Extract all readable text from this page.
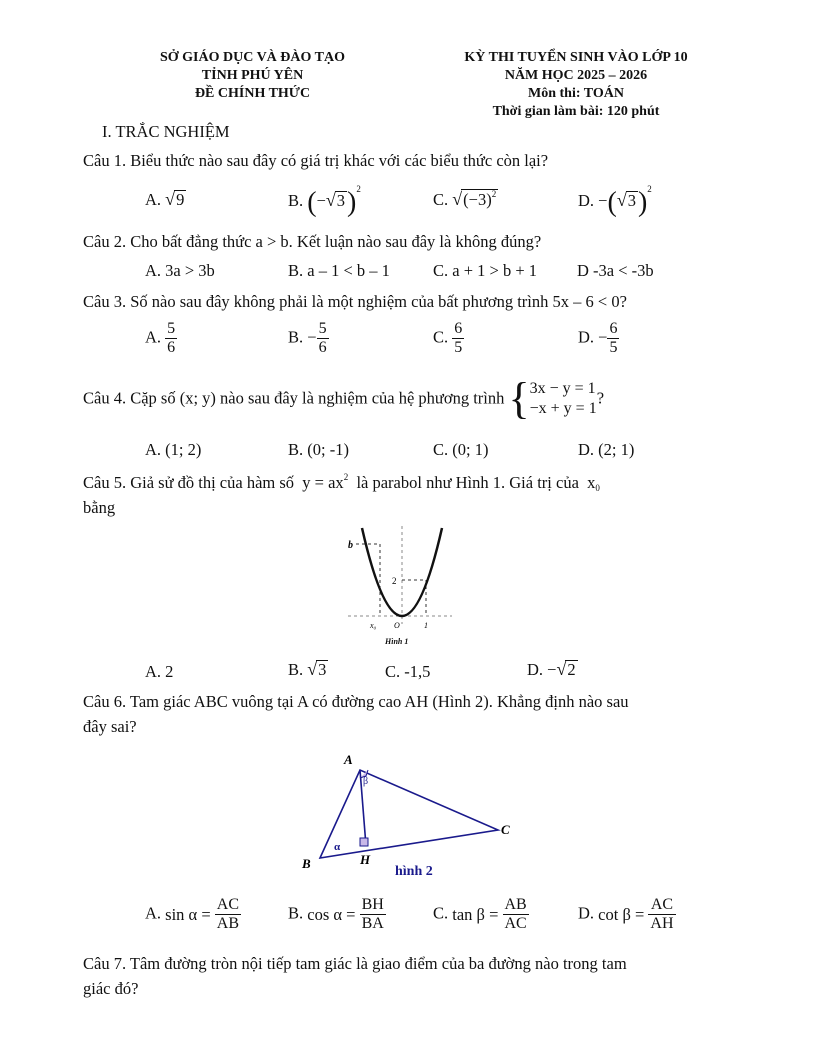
SỞ GIÁO DỤC VÀ ĐÀO TẠO
TỈNH PHÚ YÊN
ĐỀ CHÍNH THỨC
KỲ THI TUYỂN SINH VÀO LỚP 10
NĂM HỌC 2025 – 2026
Môn thi: TOÁN
Thời gian làm bài: 120 phút
I. TRẮC NGHIỆM
Câu 1. Biểu thức nào sau đây có giá trị khác với các biểu thức còn lại?
A. √9	B. $(-√3)^2$
C. $√(-3)^2$	D. $-(√3)^2$
Câu 2. Cho bất đẳng thức a > b. Kết luận nào sau đây là không đúng?
A. 3a > 3b	B. a – 1 < b – 1	C. a + 1 > b + 1 D -3a < -3b
Câu 3. Số nào sau đây không phải là một nghiệm của bất phương trình 5x – 6 < 0?
A. $\frac{5}{6}$	B. − $\frac{5}{6}$	C. $\frac{6}{5}$	D. − $\frac{6}{5}$
Câu 4. Cặp số (x; y) nào sau đây là nghiệm của hệ phương trình { 3x − y = 1
−x + y = 1
?
A. (1; 2)	B. (0; -1)	C. (0; 1)	D. (2; 1)
Câu 5. Giả sử đồ thị của hàm số $y = ax^2$ là parabol như Hình 1. Giá trị của x0
bằng
b
2
x₀ O	1
Hình 1
A. 2	B. √3	C. -1,5	D. −√2
Câu 6. Tam giác ABC vuông tại A có đường cao AH (Hình 2). Khẳng định nào sau
đây sai?
A
B
C
H
α
β
hình 2
A. $\sin \alpha = \frac{AC}{AB}$	B. $\cos \alpha = \frac{BH}{BA}$	C. $\tan \beta = \frac{AB}{AC}$	D. $\cot \beta = \frac{AC}{AH}$
Câu 7. Tâm đường tròn nội tiếp tam giác là giao điểm của ba đường nào trong tam
giác đó?
